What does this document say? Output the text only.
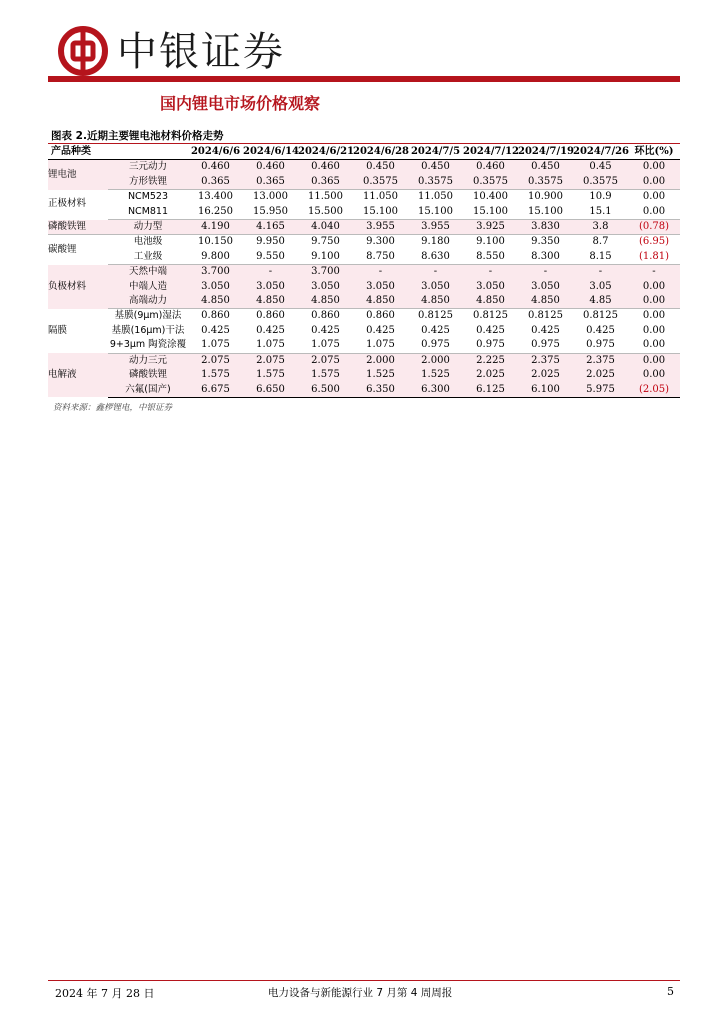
中银证券
国内锂电市场价格观察
图表 2.近期主要锂电池材料价格走势
产品种类		2024/6/6	2024/6/14	2024/6/21	2024/6/28	2024/7/5	2024/7/12	2024/7/19	2024/7/26	环比(%)
锂电池	三元动力	0.460	0.460	0.460	0.450	0.450	0.460	0.450	0.45	0.00
	方形铁锂	0.365	0.365	0.365	0.3575	0.3575	0.3575	0.3575	0.3575	0.00
正极材料	NCM523	13.400	13.000	11.500	11.050	11.050	10.400	10.900	10.9	0.00
	NCM811	16.250	15.950	15.500	15.100	15.100	15.100	15.100	15.1	0.00
磷酸铁锂	动力型	4.190	4.165	4.040	3.955	3.955	3.925	3.830	3.8	(0.78)
碳酸锂	电池级	10.150	9.950	9.750	9.300	9.180	9.100	9.350	8.7	(6.95)
	工业级	9.800	9.550	9.100	8.750	8.630	8.550	8.300	8.15	(1.81)
负极材料	天然中端	3.700	-	3.700	-	-	-	-	-	-
	中端人造	3.050	3.050	3.050	3.050	3.050	3.050	3.050	3.05	0.00
	高端动力	4.850	4.850	4.850	4.850	4.850	4.850	4.850	4.85	0.00
隔膜	基膜(9μm)湿法	0.860	0.860	0.860	0.860	0.8125	0.8125	0.8125	0.8125	0.00
	基膜(16μm)干法	0.425	0.425	0.425	0.425	0.425	0.425	0.425	0.425	0.00
	9+3μm 陶瓷涂覆	1.075	1.075	1.075	1.075	0.975	0.975	0.975	0.975	0.00
电解液	动力三元	2.075	2.075	2.075	2.000	2.000	2.225	2.375	2.375	0.00
	磷酸铁锂	1.575	1.575	1.575	1.525	1.525	2.025	2.025	2.025	0.00
	六氟(国产)	6.675	6.650	6.500	6.350	6.300	6.125	6.100	5.975	(2.05)
资料来源：鑫椤锂电，中银证券
2024 年 7 月 28 日	电力设备与新能源行业 7 月第 4 周周报	5
